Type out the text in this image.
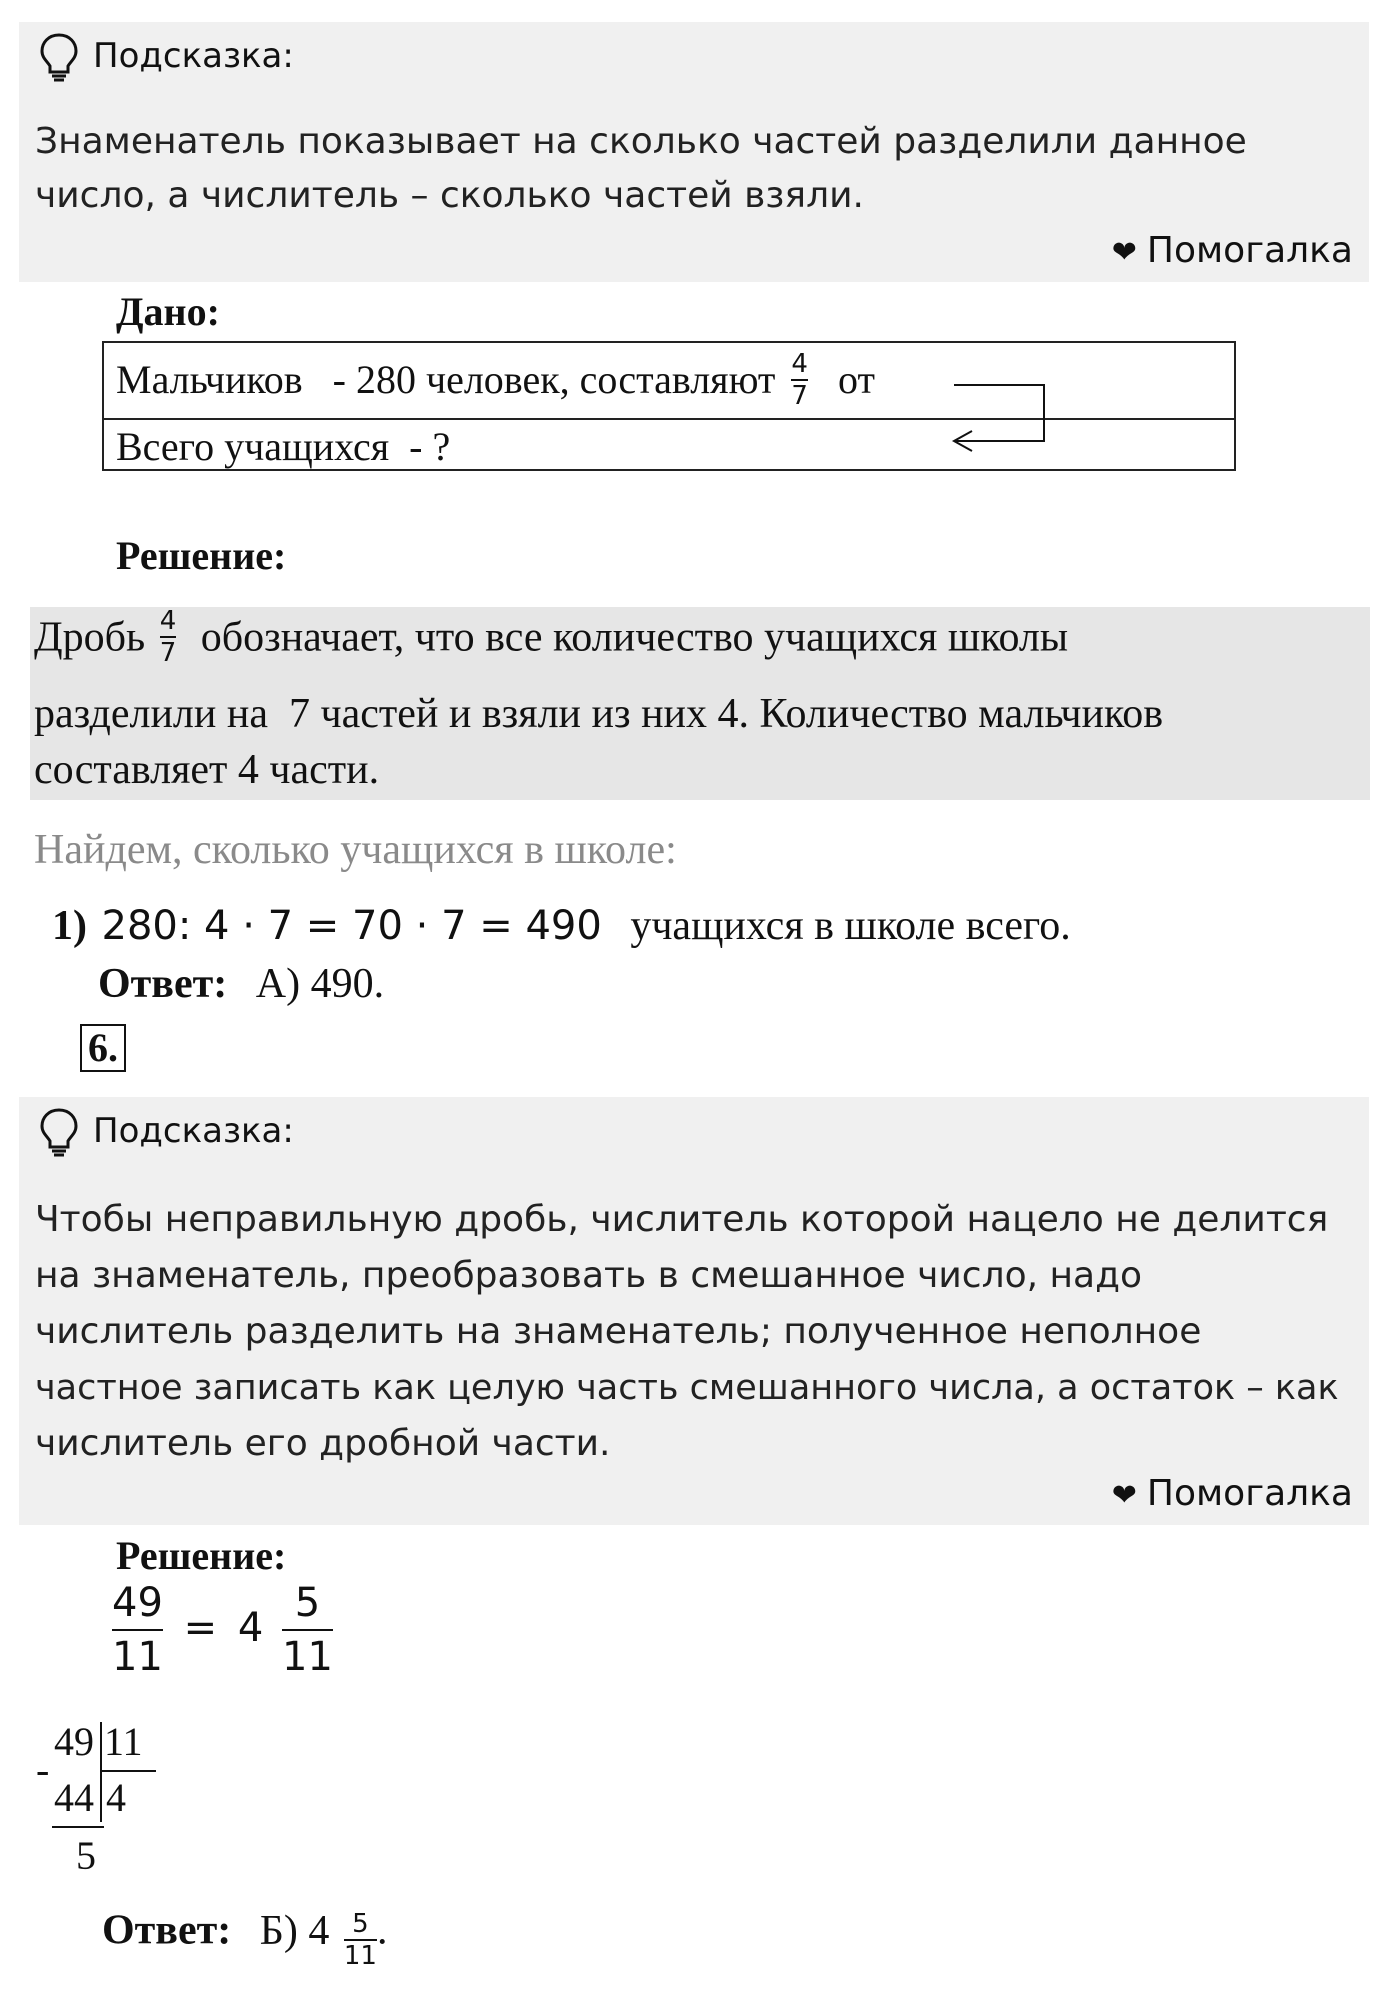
Подсказка:
Знаменатель показывает на сколько частей разделили данное
число, а числитель – сколько частей взяли.
❤ Помогалка
Дано:
Мальчиков   - 280 человек, составляют $\frac{4}{7}$ от
Всего учащихся  - ?
Решение:
Дробь $\frac{4}{7}$ обозначает, что все количество учащихся школы
разделили на  7 частей и взяли из них 4. Количество мальчиков
составляет 4 части.
Найдем, сколько учащихся в школе:
1) 280: 4 · 7 = 70 · 7 = 490 учащихся в школе всего.
Ответ: А) 490.
6.
Подсказка:
Чтобы неправильную дробь, числитель которой нацело не делится
на знаменатель, преобразовать в смешанное число, надо
числитель разделить на знаменатель; полученное неполное
частное записать как целую часть смешанного числа, а остаток – как
числитель его дробной части.
❤ Помогалка
Решение:
$\frac{49}{11} = 4 \frac{5}{11}$
49 11
-
44 4
5
Ответ: Б) $4 \frac{5}{11}$ .
